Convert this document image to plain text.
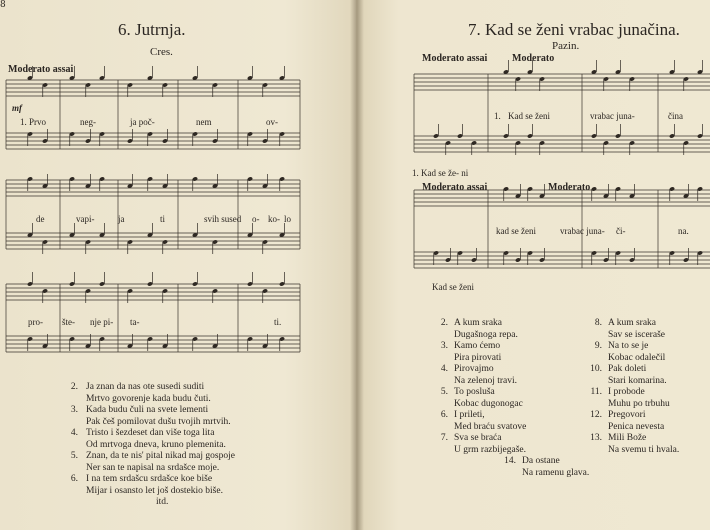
8
6. Jutrnja.
Cres.
Moderato assai
mf
1. Prvo	neg-	ja poč-	nem	ov-
de	vapi-	ja	ti	svih sused o- ko- lo
pro- šte- nje pi- ta-	ti.
2. Ja znan da nas ote susedi suditi
Mrtvo govorenje kada budu čuti.
3. Kada budu čuli na svete lementi
Pak češ pomilovat dušu tvojih mrtvih.
4. Tristo i šezdeset dan više toga lita
Od mrtvoga dneva, kruno plemenita.
5. Znan, da te nis' pital nikad maj gospоje
Ner san te napisal na srdašce moje.
6. I na tem srdašcu srdašce koe biše
Mijar i osansto let još dostekio biše.
itd.
7. Kad se ženi vrabac junačina.
Pazin.
Moderato assai Moderato
1. Kad se ženi	vrabac juna-	čina
1. Kad se že- ni
Moderato assai	Moderato
kad se ženi	vrabac juna- či-	na.
Kad se ženi
2. A kum sraka
Dugašnoga repa.
3. Kamo ćemo
Pira pirovati
4. Pirovajmo
Na zelenoj travi.
5. To posluša
Kobac dugonogac
6. I prileti,
Med braću svatove
7. Sva se braća
U grm razbijegaše.
14. Da ostane
Na ramenu glava.
8. A kum sraka
Sav se isceraše
9. Na to se je
Kobac odalečil
10. Pak doleti
Stari komarina.
11. I probode
Muhu po trbuhu
12. Pregovori
Penica nevesta
13. Mili Bože
Na svemu ti hvala.
